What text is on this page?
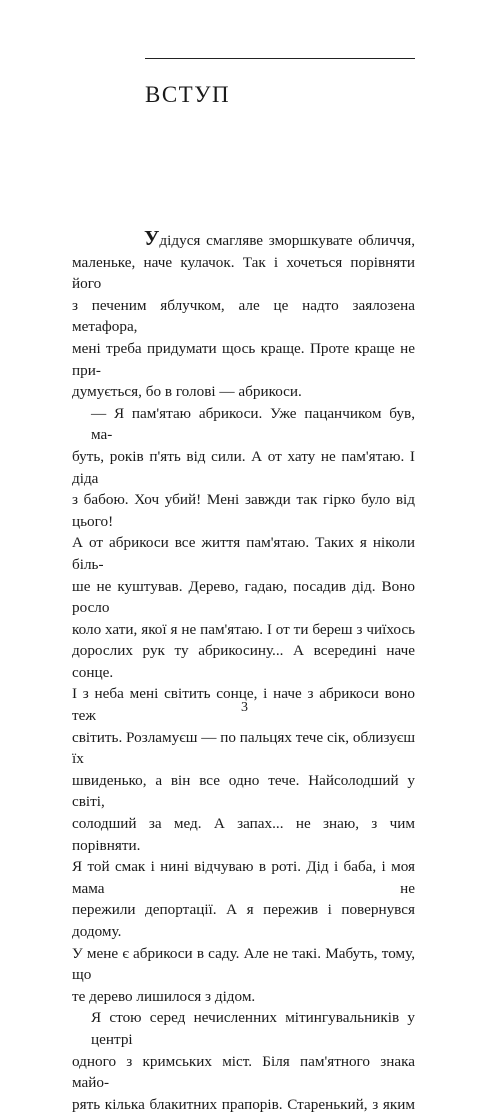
ВСТУП

Удідуся смагляве зморшкувате обличчя,

маленьке, наче кулачок. Так і хочеться порівняти його

з печеним яблучком, але це надто заялозена метафора,

мені треба придумати щось краще. Проте краще не при-

думується, бо в голові — абрикоси.

— Я пам'ятаю абрикоси. Уже пацанчиком був, ма-

буть, років п'ять від сили. А от хату не пам'ятаю. І діда

з бабою. Хоч убий! Мені завжди так гірко було від цього!

А от абрикоси все життя пам'ятаю. Таких я ніколи біль-

ше не куштував. Дерево, гадаю, посадив дід. Воно росло

коло хати, якої я не пам'ятаю. І от ти береш з чиїхось

дорослих рук ту абрикосину... А всередині наче сонце.

І з неба мені світить сонце, і наче з абрикоси воно теж

світить. Розламуєш — по пальцях тече сік, облизуєш їх

швиденько, а він все одно тече. Найсолодший у світі,

солодший за мед. А запах... не знаю, з чим порівняти.

Я той смак і нині відчуваю в роті. Дід і баба, і моя мама не

пережили депортації. А я пережив і повернувся додому.

У мене є абрикоси в саду. Але не такі. Мабуть, тому, що

те дерево лишилося з дідом.

Я стою серед нечисленних мітингувальників у центрі

одного з кримських міст. Біля пам'ятного знака майо-

рять кілька блакитних прапорів. Старенький, з яким

3
